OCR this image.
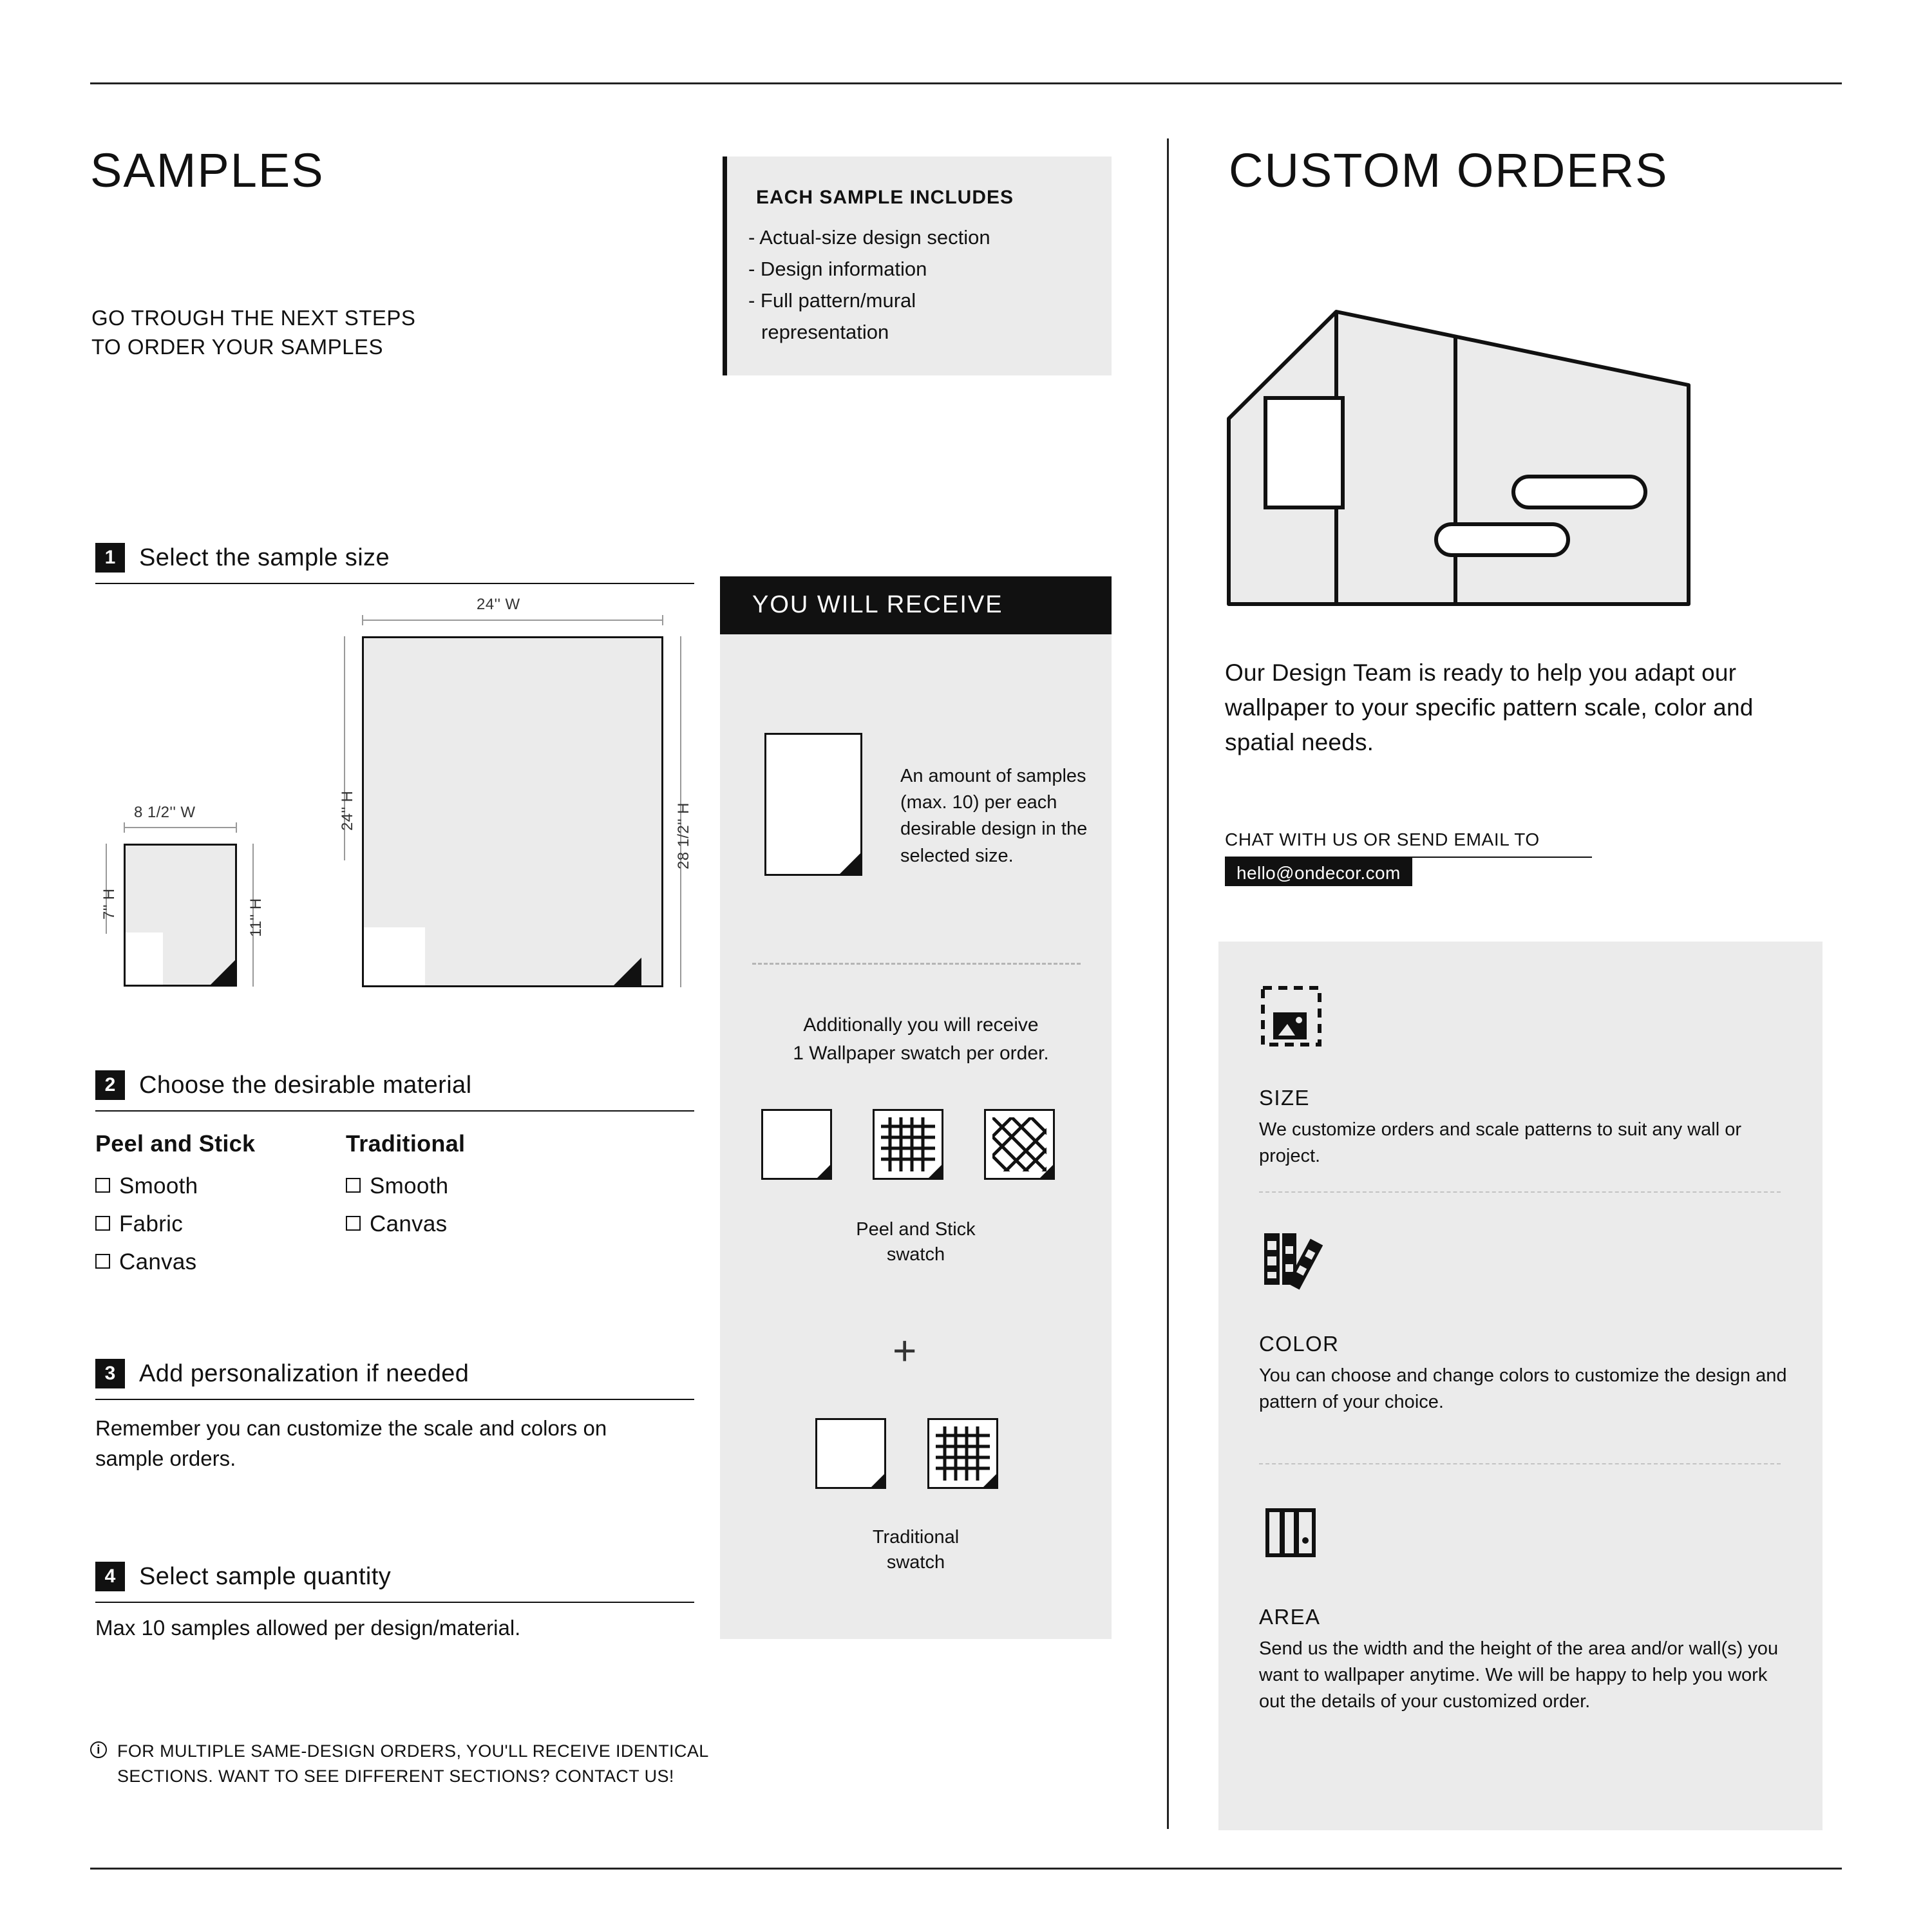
SAMPLES
GO TROUGH THE NEXT STEPS
TO ORDER YOUR SAMPLES
EACH SAMPLE INCLUDES
- Actual-size design section
- Design information
- Full pattern/mural
representation
1 Select the sample size
24'' W
24'' H	28 1/2'' H
8 1/2'' W
7'' H	11'' H
2 Choose the desirable material
Peel and Stick
Smooth
Fabric
Canvas
Traditional
Smooth
Canvas
3 Add personalization if needed
Remember you can customize the scale and colors on sample orders.
4 Select sample quantity
Max 10 samples allowed per design/material.
i FOR MULTIPLE SAME-DESIGN ORDERS, YOU'LL RECEIVE IDENTICAL
SECTIONS. WANT TO SEE DIFFERENT SECTIONS? CONTACT US!
YOU WILL RECEIVE
An amount of samples (max. 10) per each desirable design in the selected size.
Additionally you will receive
1 Wallpaper swatch per order.
Peel and Stick
swatch
+
Traditional
swatch
CUSTOM ORDERS
Our Design Team is ready to help you adapt our wallpaper to your specific pattern scale, color and spatial needs.
CHAT WITH US OR SEND EMAIL TO
hello@ondecor.com
SIZE

We customize orders and scale patterns to suit any wall or project.

COLOR

You can choose and change colors to customize the design and pattern of your choice.

AREA

Send us the width and the height of the area and/or wall(s) you want to wallpaper anytime. We will be happy to help you work out the details of your customized order.
